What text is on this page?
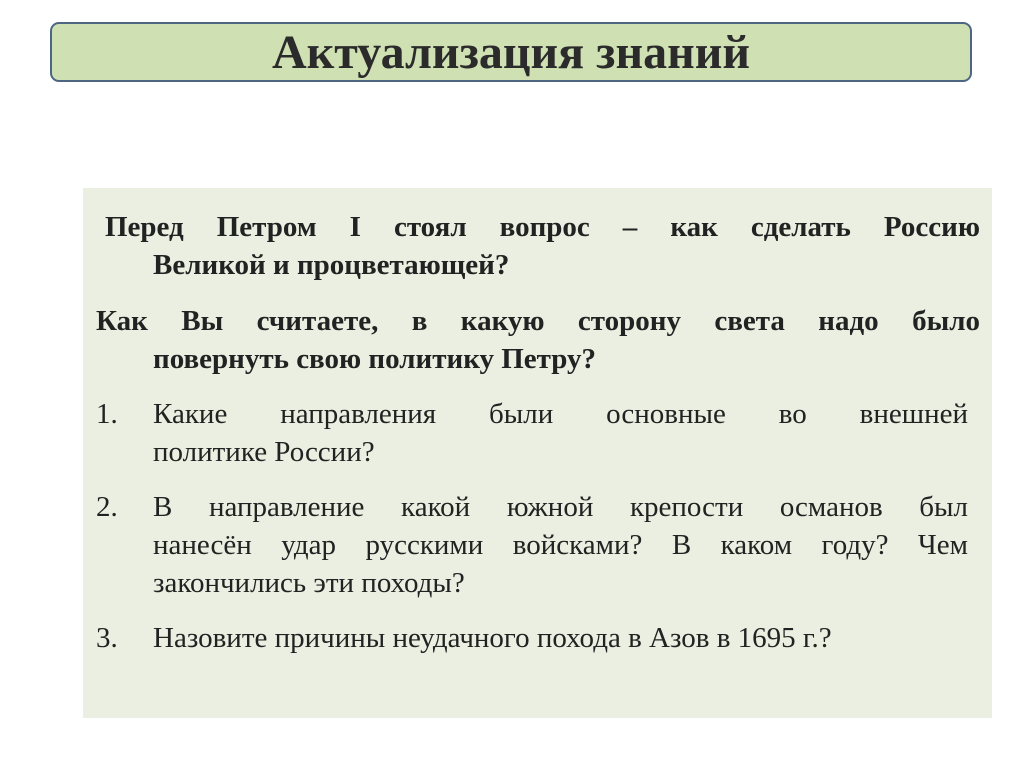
Актуализация знаний
Перед Петром I стоял вопрос – как сделать Россию
Великой и процветающей?
Как Вы считаете, в какую сторону света надо было
повернуть свою политику Петру?
1.	Какие направления были основные во внешней
политике России?
2.	В направление какой южной крепости османов был
нанесён удар русскими войсками? В каком году? Чем
закончились эти походы?
3.	Назовите причины неудачного похода в Азов в 1695 г.?
